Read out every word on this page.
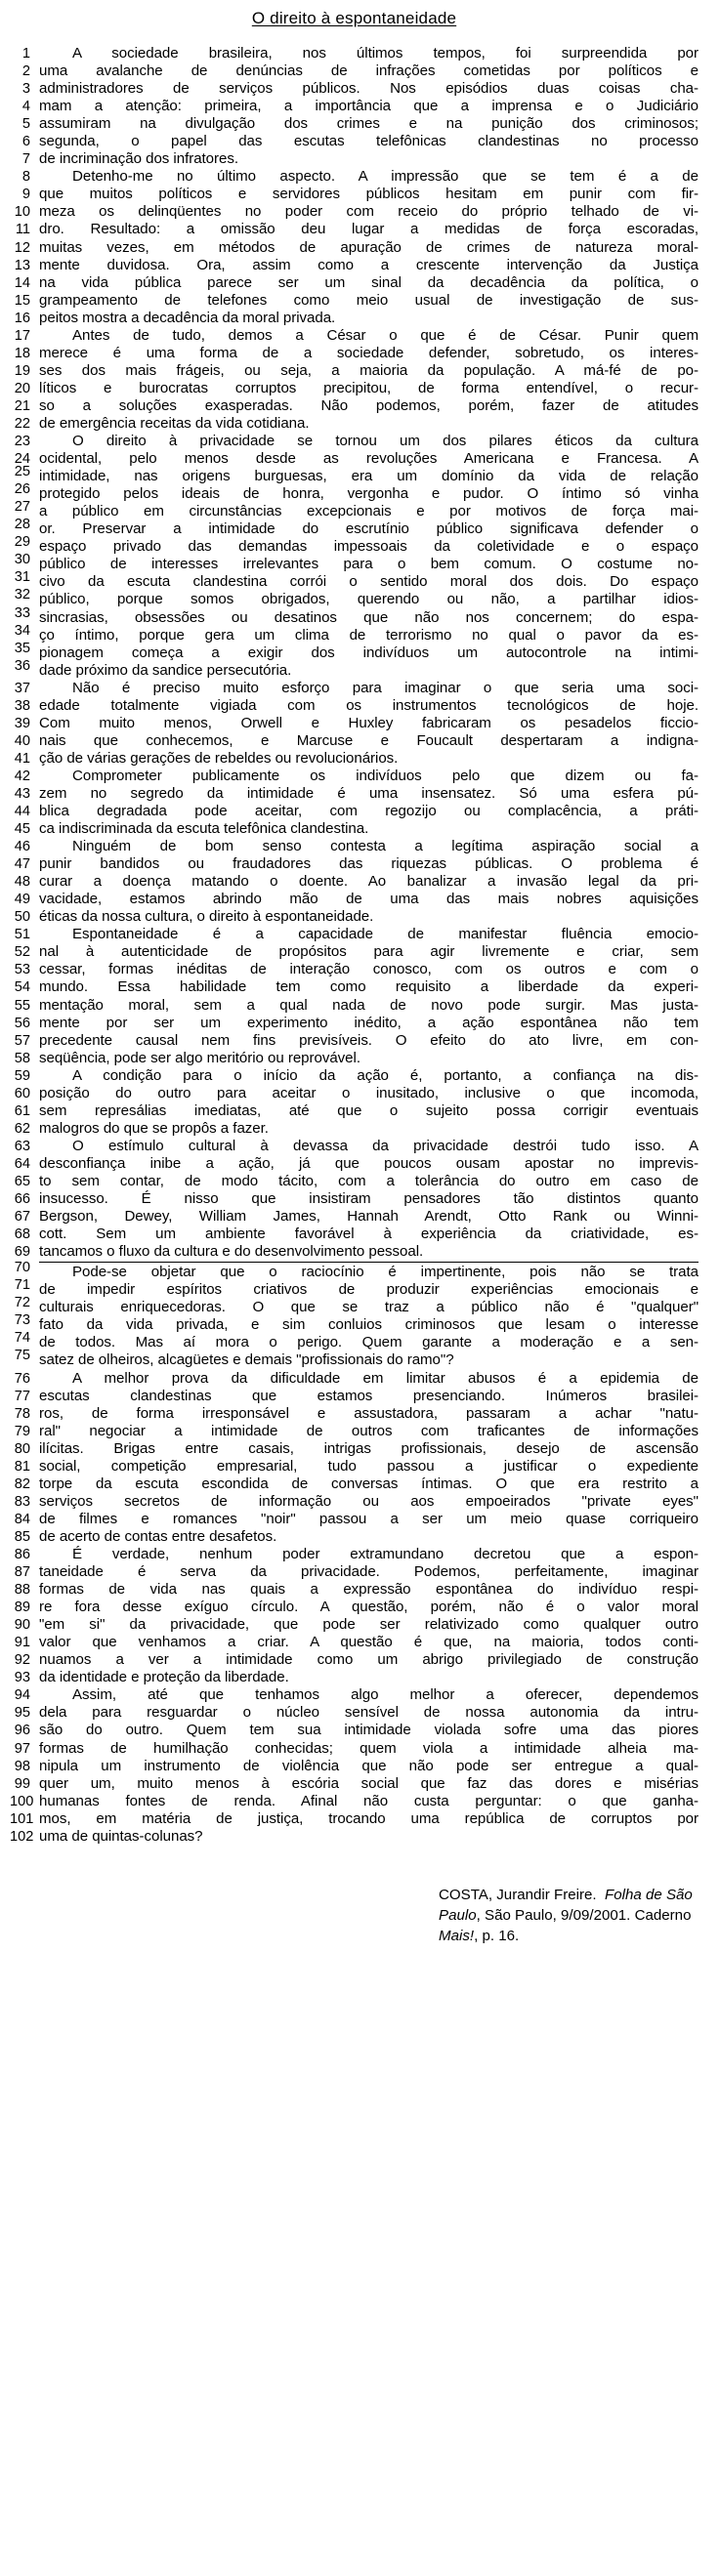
O direito à espontaneidade
1	A sociedade brasileira, nos últimos tempos, foi surpreendida por
2 uma avalanche de denúncias de infrações cometidas por políticos e
3 administradores de serviços públicos. Nos episódios duas coisas cha-
4 mam a atenção: primeira, a importância que a imprensa e o Judiciário
5 assumiram na divulgação dos crimes e na punição dos criminosos;
6 segunda, o papel das escutas telefônicas clandestinas no processo
7 de incriminação dos infratores.
8	Detenho-me no último aspecto. A impressão que se tem é a de
9 que muitos políticos e servidores públicos hesitam em punir com fir-
10 meza os delinqüentes no poder com receio do próprio telhado de vi-
11 dro. Resultado: a omissão deu lugar a medidas de força escoradas,
12 muitas vezes, em métodos de apuração de crimes de natureza moral-
13 mente duvidosa. Ora, assim como a crescente intervenção da Justiça
14 na vida pública parece ser um sinal da decadência da política, o
15 grampeamento de telefones como meio usual de investigação de sus-
16 peitos mostra a decadência da moral privada.
17	Antes de tudo, demos a César o que é de César. Punir quem
18 merece é uma forma de a sociedade defender, sobretudo, os interes-
19 ses dos mais frágeis, ou seja, a maioria da população. A má-fé de po-
20 líticos e burocratas corruptos precipitou, de forma entendível, o recur-
21 so a soluções exasperadas. Não podemos, porém, fazer de atitudes
22 de emergência receitas da vida cotidiana.
23	O direito à privacidade se tornou um dos pilares éticos da cultura
24 ocidental, pelo menos desde as revoluções Americana e Francesa. A
25 intimidade, nas origens burguesas, era um domínio da vida de relação
26 protegido pelos ideais de honra, vergonha e pudor. O íntimo só vinha
27 a público em circunstâncias excepcionais e por motivos de força mai-
28 or. Preservar a intimidade do escrutínio público significava defender o
29 espaço privado das demandas impessoais da coletividade e o espaço
30 público de interesses irrelevantes para o bem comum. O costume no-
31 civo da escuta clandestina corrói o sentido moral dos dois. Do espaço
32 público, porque somos obrigados, querendo ou não, a partilhar idios-
33 sincrasias, obsessões ou desatinos que não nos concernem; do espa-
34 ço íntimo, porque gera um clima de terrorismo no qual o pavor da es-
35 pionagem começa a exigir dos indivíduos um autocontrole na intimi-
36 dade próximo da sandice persecutória.
37	Não é preciso muito esforço para imaginar o que seria uma soci-
38 edade totalmente vigiada com os instrumentos tecnológicos de hoje.
39 Com muito menos, Orwell e Huxley fabricaram os pesadelos ficcio-
40 nais que conhecemos, e Marcuse e Foucault despertaram a indigna-
41 ção de várias gerações de rebeldes ou revolucionários.
42	Comprometer publicamente os indivíduos pelo que dizem ou fa-
43 zem no segredo da intimidade é uma insensatez. Só uma esfera pú-
44 blica degradada pode aceitar, com regozijo ou complacência, a práti-
45 ca indiscriminada da escuta telefônica clandestina.
46	Ninguém de bom senso contesta a legítima aspiração social a
47 punir bandidos ou fraudadores das riquezas públicas. O problema é
48 curar a doença matando o doente. Ao banalizar a invasão legal da pri-
49 vacidade, estamos abrindo mão de uma das mais nobres aquisições
50 éticas da nossa cultura, o direito à espontaneidade.
51	Espontaneidade é a capacidade de manifestar fluência emocio-
52 nal à autenticidade de propósitos para agir livremente e criar, sem
53 cessar, formas inéditas de interação conosco, com os outros e com o
54 mundo. Essa habilidade tem como requisito a liberdade da experi-
55 mentação moral, sem a qual nada de novo pode surgir. Mas justa-
56 mente por ser um experimento inédito, a ação espontânea não tem
57 precedente causal nem fins previsíveis. O efeito do ato livre, em con-
58 seqüência, pode ser algo meritório ou reprovável.
59	A condição para o início da ação é, portanto, a confiança na dis-
60 posição do outro para aceitar o inusitado, inclusive o que incomoda,
61 sem represálias imediatas, até que o sujeito possa corrigir eventuais
62 malogros do que se propôs a fazer.
63	O estímulo cultural à devassa da privacidade destrói tudo isso. A
64 desconfiança inibe a ação, já que poucos ousam apostar no imprevis-
65 to sem contar, de modo tácito, com a tolerância do outro em caso de
66 insucesso. É nisso que insistiram pensadores tão distintos quanto
67 Bergson, Dewey, William James, Hannah Arendt, Otto Rank ou Winni-
68 cott. Sem um ambiente favorável à experiência da criatividade, es-
69 tancamos o fluxo da cultura e do desenvolvimento pessoal.
70	Pode-se objetar que o raciocínio é impertinente, pois não se trata
71 de impedir espíritos criativos de produzir experiências emocionais e
72 culturais enriquecedoras. O que se traz a público não é "qualquer"
73 fato da vida privada, e sim conluios criminosos que lesam o interesse
74 de todos. Mas aí mora o perigo. Quem garante a moderação e a sen-
75 satez de olheiros, alcagüetes e demais "profissionais do ramo"?
76	A melhor prova da dificuldade em limitar abusos é a epidemia de
77 escutas clandestinas que estamos presenciando. Inúmeros brasilei-
78 ros, de forma irresponsável e assustadora, passaram a achar "natu-
79 ral" negociar a intimidade de outros com traficantes de informações
80 ilícitas. Brigas entre casais, intrigas profissionais, desejo de ascensão
81 social, competição empresarial, tudo passou a justificar o expediente
82 torpe da escuta escondida de conversas íntimas. O que era restrito a
83 serviços secretos de informação ou aos empoeirados "private eyes"
84 de filmes e romances "noir" passou a ser um meio quase corriqueiro
85 de acerto de contas entre desafetos.
86	É verdade, nenhum poder extramundano decretou que a espon-
87 taneidade é serva da privacidade. Podemos, perfeitamente, imaginar
88 formas de vida nas quais a expressão espontânea do indivíduo respi-
89 re fora desse exíguo círculo. A questão, porém, não é o valor moral
90 "em si" da privacidade, que pode ser relativizado como qualquer outro
91 valor que venhamos a criar. A questão é que, na maioria, todos conti-
92 nuamos a ver a intimidade como um abrigo privilegiado de construção
93 da identidade e proteção da liberdade.
94	Assim, até que tenhamos algo melhor a oferecer, dependemos
95 dela para resguardar o núcleo sensível de nossa autonomia da intru-
96 são do outro. Quem tem sua intimidade violada sofre uma das piores
97 formas de humilhação conhecidas; quem viola a intimidade alheia ma-
98 nipula um instrumento de violência que não pode ser entregue a qual-
99 quer um, muito menos à escória social que faz das dores e misérias
100 humanas fontes de renda. Afinal não custa perguntar: o que ganha-
101 mos, em matéria de justiça, trocando uma república de corruptos por
102 uma de quintas-colunas?
COSTA, Jurandir Freire. Folha de São Paulo, São Paulo, 9/09/2001. Caderno Mais!, p. 16.
